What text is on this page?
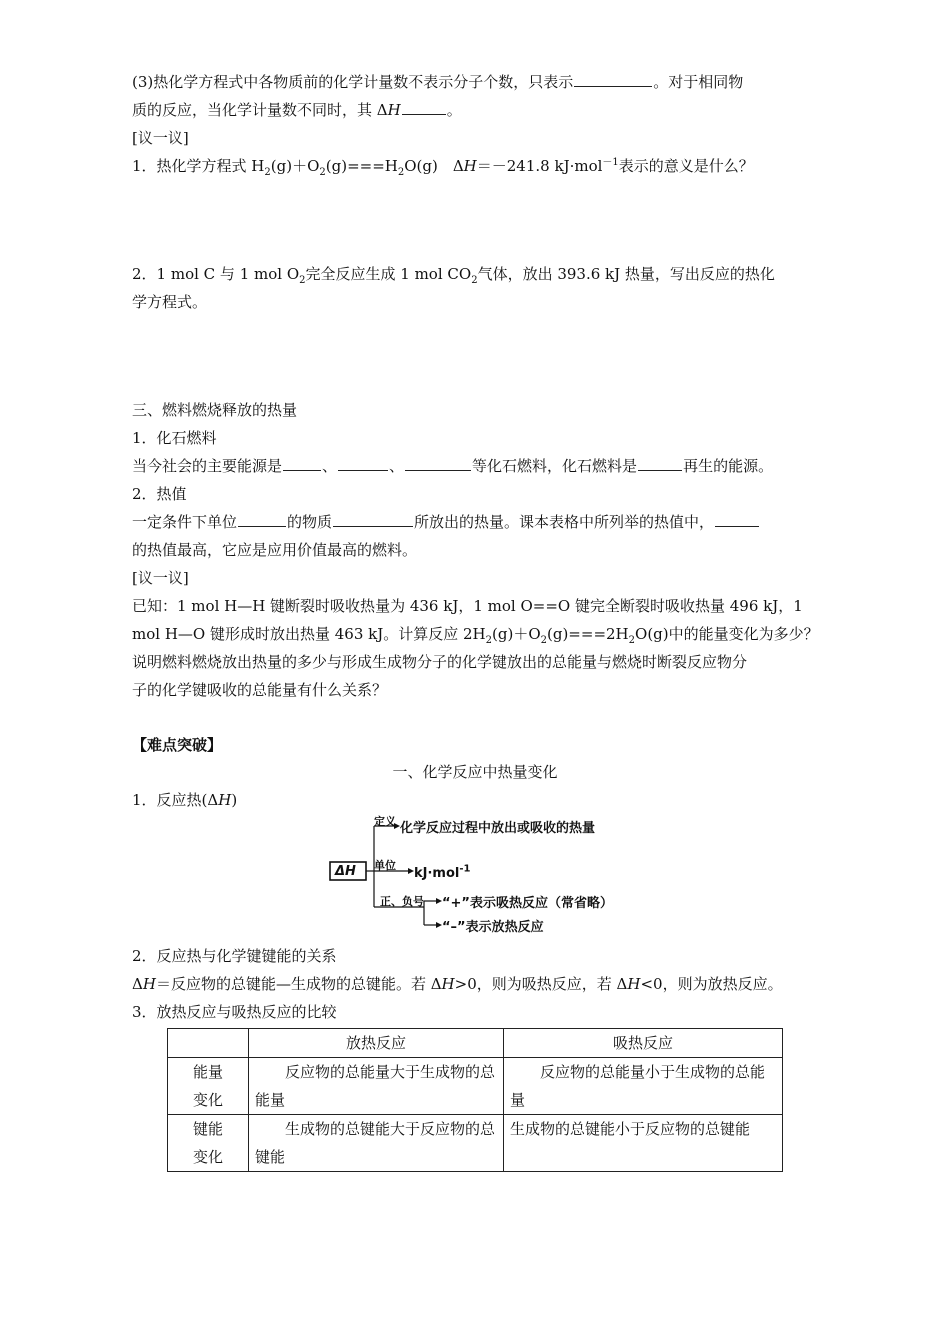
(3)热化学方程式中各物质前的化学计量数不表示分子个数，只表示	。对于相同物
质的反应，当化学计量数不同时，其 ΔH	。
[议一议]
1．热化学方程式 $H_2(g)+O_2(g)===H_2O(g)$　ΔH＝－241.8 kJ·mol$^{-1}$表示的意义是什么？
2．1 mol C 与 1 mol $O_2$完全反应生成 1 mol $CO_2$气体，放出 393.6 kJ 热量，写出反应的热化
学方程式。
三、燃料燃烧释放的热量
1．化石燃料
当今社会的主要能源是	、	、	等化石燃料，化石燃料是	再生的能源。
2．热值
一定条件下单位	的物质	所放出的热量。课本表格中所列举的热值中，
的热值最高，它应是应用价值最高的燃料。
[议一议]
已知：1 mol H—H 键断裂时吸收热量为 436 kJ，1 mol O==O 键完全断裂时吸收热量 496 kJ，1
mol H—O 键形成时放出热量 463 kJ。计算反应 $2H_2(g)+O_2(g)===2H_2O(g)$中的能量变化为多少？
说明燃料燃烧放出热量的多少与形成生成物分子的化学键放出的总能量与燃烧时断裂反应物分
子的化学键吸收的总能量有什么关系？
【难点突破】
一、化学反应中热量变化
1．反应热(ΔH)
ΔH
定义 化学反应过程中放出或吸收的热量
单位
kJ·mol$^{-1}$
正、负号 “+”表示吸热反应（常省略）
“–”表示放热反应
2．反应热与化学键键能的关系
ΔH＝反应物的总键能—生成物的总键能。若 ΔH>0，则为吸热反应，若 ΔH<0，则为放热反应。
3．放热反应与吸热反应的比较
	放热反应	吸热反应

能量
变化	反应物的总能量大于生成物的总能量	反应物的总能量小于生成物的总能量

键能
变化	生成物的总键能大于反应物的总键能	生成物的总键能小于反应物的总键能
